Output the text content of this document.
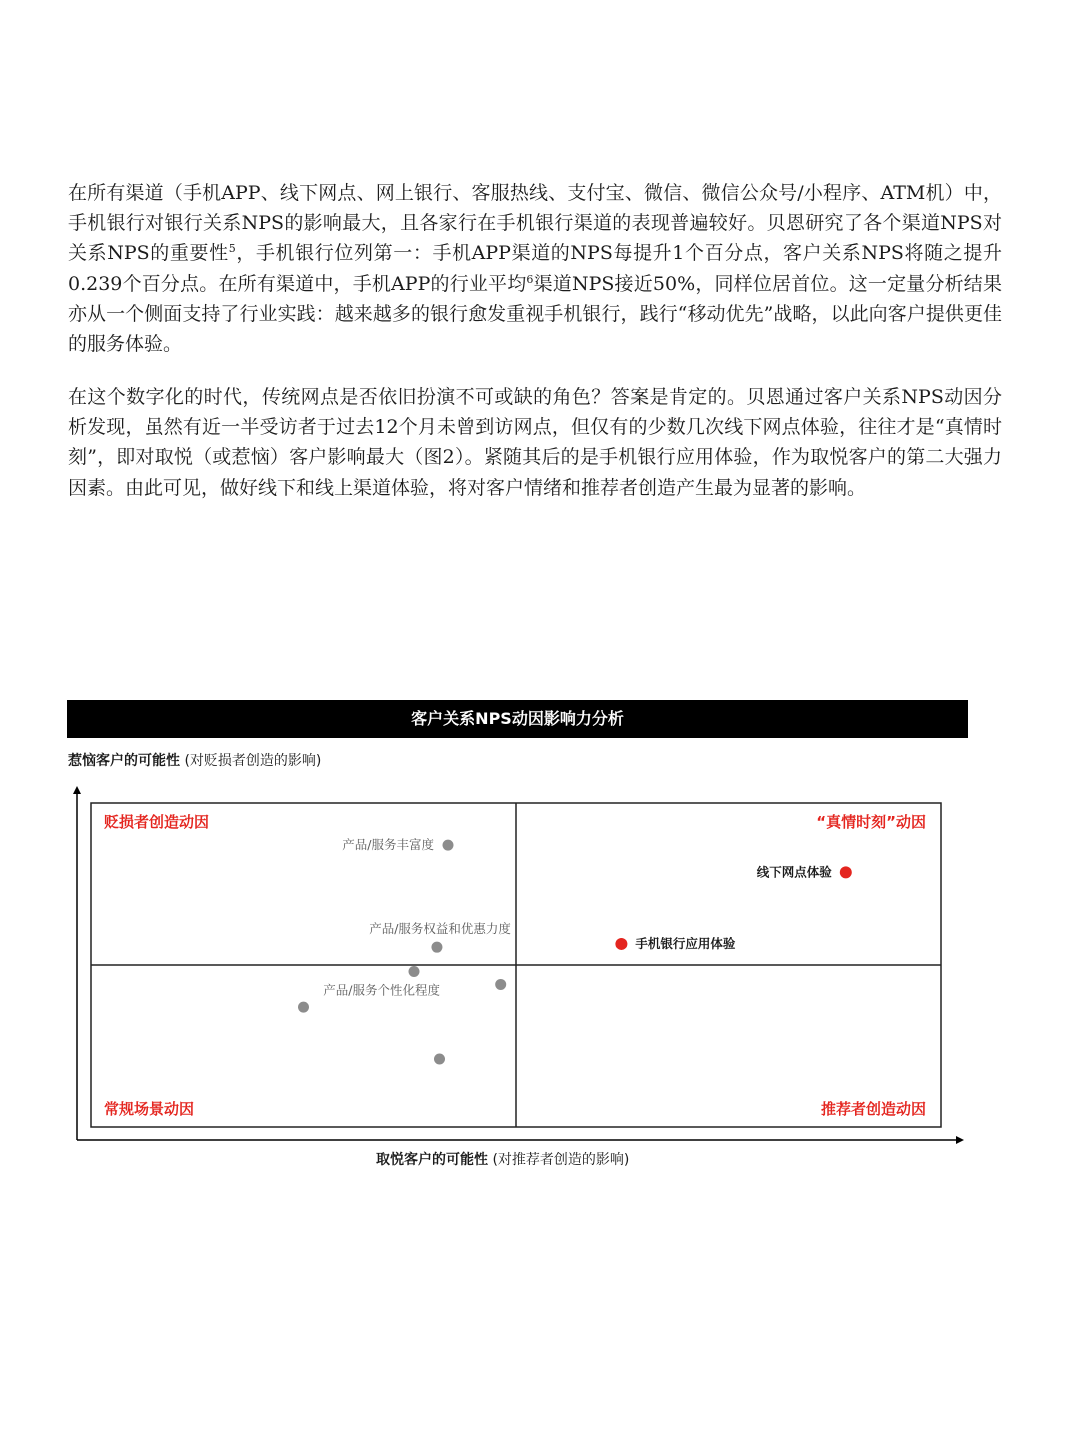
在所有渠道（手机APP、线下网点、网上银行、客服热线、支付宝、微信、微信公众号/小程序、ATM机）中，手机银行对银行关系NPS的影响最大，且各家行在手机银行渠道的表现普遍较好。贝恩研究了各个渠道NPS对关系NPS的重要性$^5$，手机银行位列第一：手机APP渠道的NPS每提升1个百分点，客户关系NPS将随之提升0.239个百分点。在所有渠道中，手机APP的行业平均$^6$渠道NPS接近50%，同样位居首位。这一定量分析结果亦从一个侧面支持了行业实践：越来越多的银行愈发重视手机银行，践行“移动优先”战略，以此向客户提供更佳的服务体验。

在这个数字化的时代，传统网点是否依旧扮演不可或缺的角色？答案是肯定的。贝恩通过客户关系NPS动因分析发现，虽然有近一半受访者于过去12个月未曾到访网点，但仅有的少数几次线下网点体验，往往才是“真情时刻”，即对取悦（或惹恼）客户影响最大（图2）。紧随其后的是手机银行应用体验，作为取悦客户的第二大强力因素。由此可见，做好线下和线上渠道体验，将对客户情绪和推荐者创造产生最为显著的影响。

客户关系NPS动因影响力分析
惹恼客户的可能性 (对贬损者创造的影响)
取悦客户的可能性 (对推荐者创造的影响)
贬损者创造动因	“真情时刻”动因
常规场景动因	推荐者创造动因
产品/服务丰富度
产品/服务权益和优惠力度
产品/服务个性化程度
线下网点体验
手机银行应用体验
